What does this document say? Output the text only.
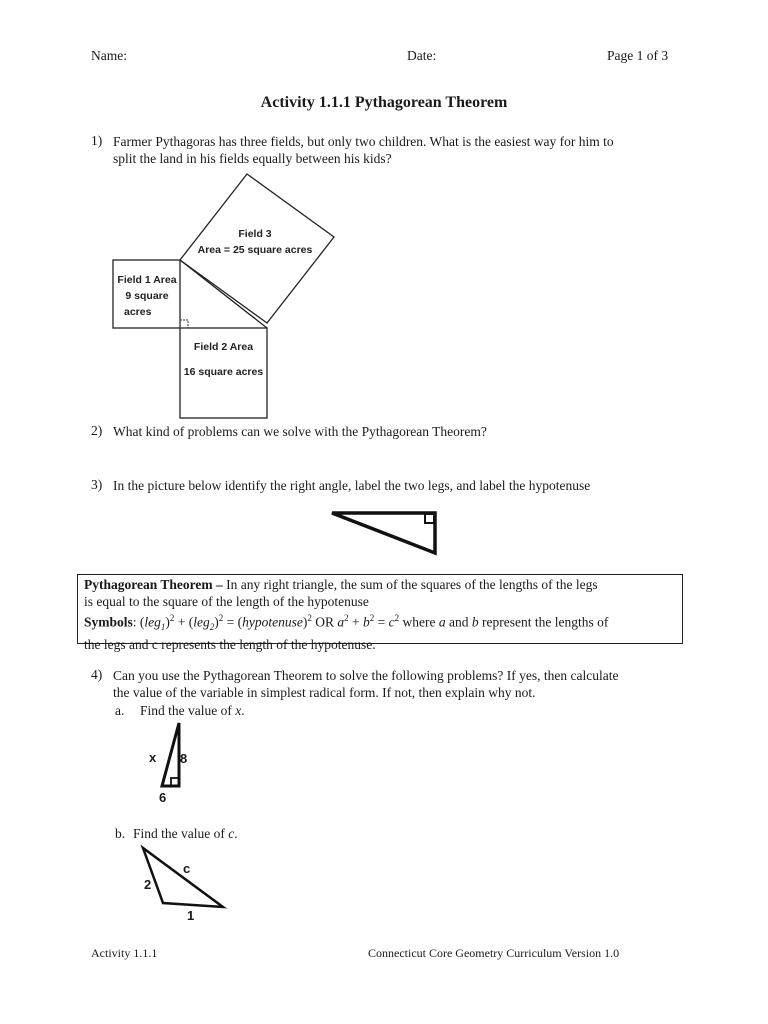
Name:	Date:	Page 1 of 3
Activity 1.1.1 Pythagorean Theorem
1) Farmer Pythagoras has three fields, but only two children. What is the easiest way for him to
split the land in his fields equally between his kids?
Field 3
Area = 25 square acres
Field 1 Area
9 square
acres
Field 2 Area
16 square acres
2) What kind of problems can we solve with the Pythagorean Theorem?
3) In the picture below identify the right angle, label the two legs, and label the hypotenuse
Pythagorean Theorem – In any right triangle, the sum of the squares of the lengths of the legs
is equal to the square of the length of the hypotenuse
Symbols: $(leg_1)^2 + (leg_2)^2$ = (hypotenuse)$^2$ OR $a^2 + b^2 = c^2$ where a and b represent the lengths of
the legs and c represents the length of the hypotenuse.
4) Can you use the Pythagorean Theorem to solve the following problems? If yes, then calculate
the value of the variable in simplest radical form. If not, then explain why not.
a. Find the value of x.
x 8
6
b. Find the value of c.
c
2
1
Activity 1.1.1	Connecticut Core Geometry Curriculum Version 1.0
